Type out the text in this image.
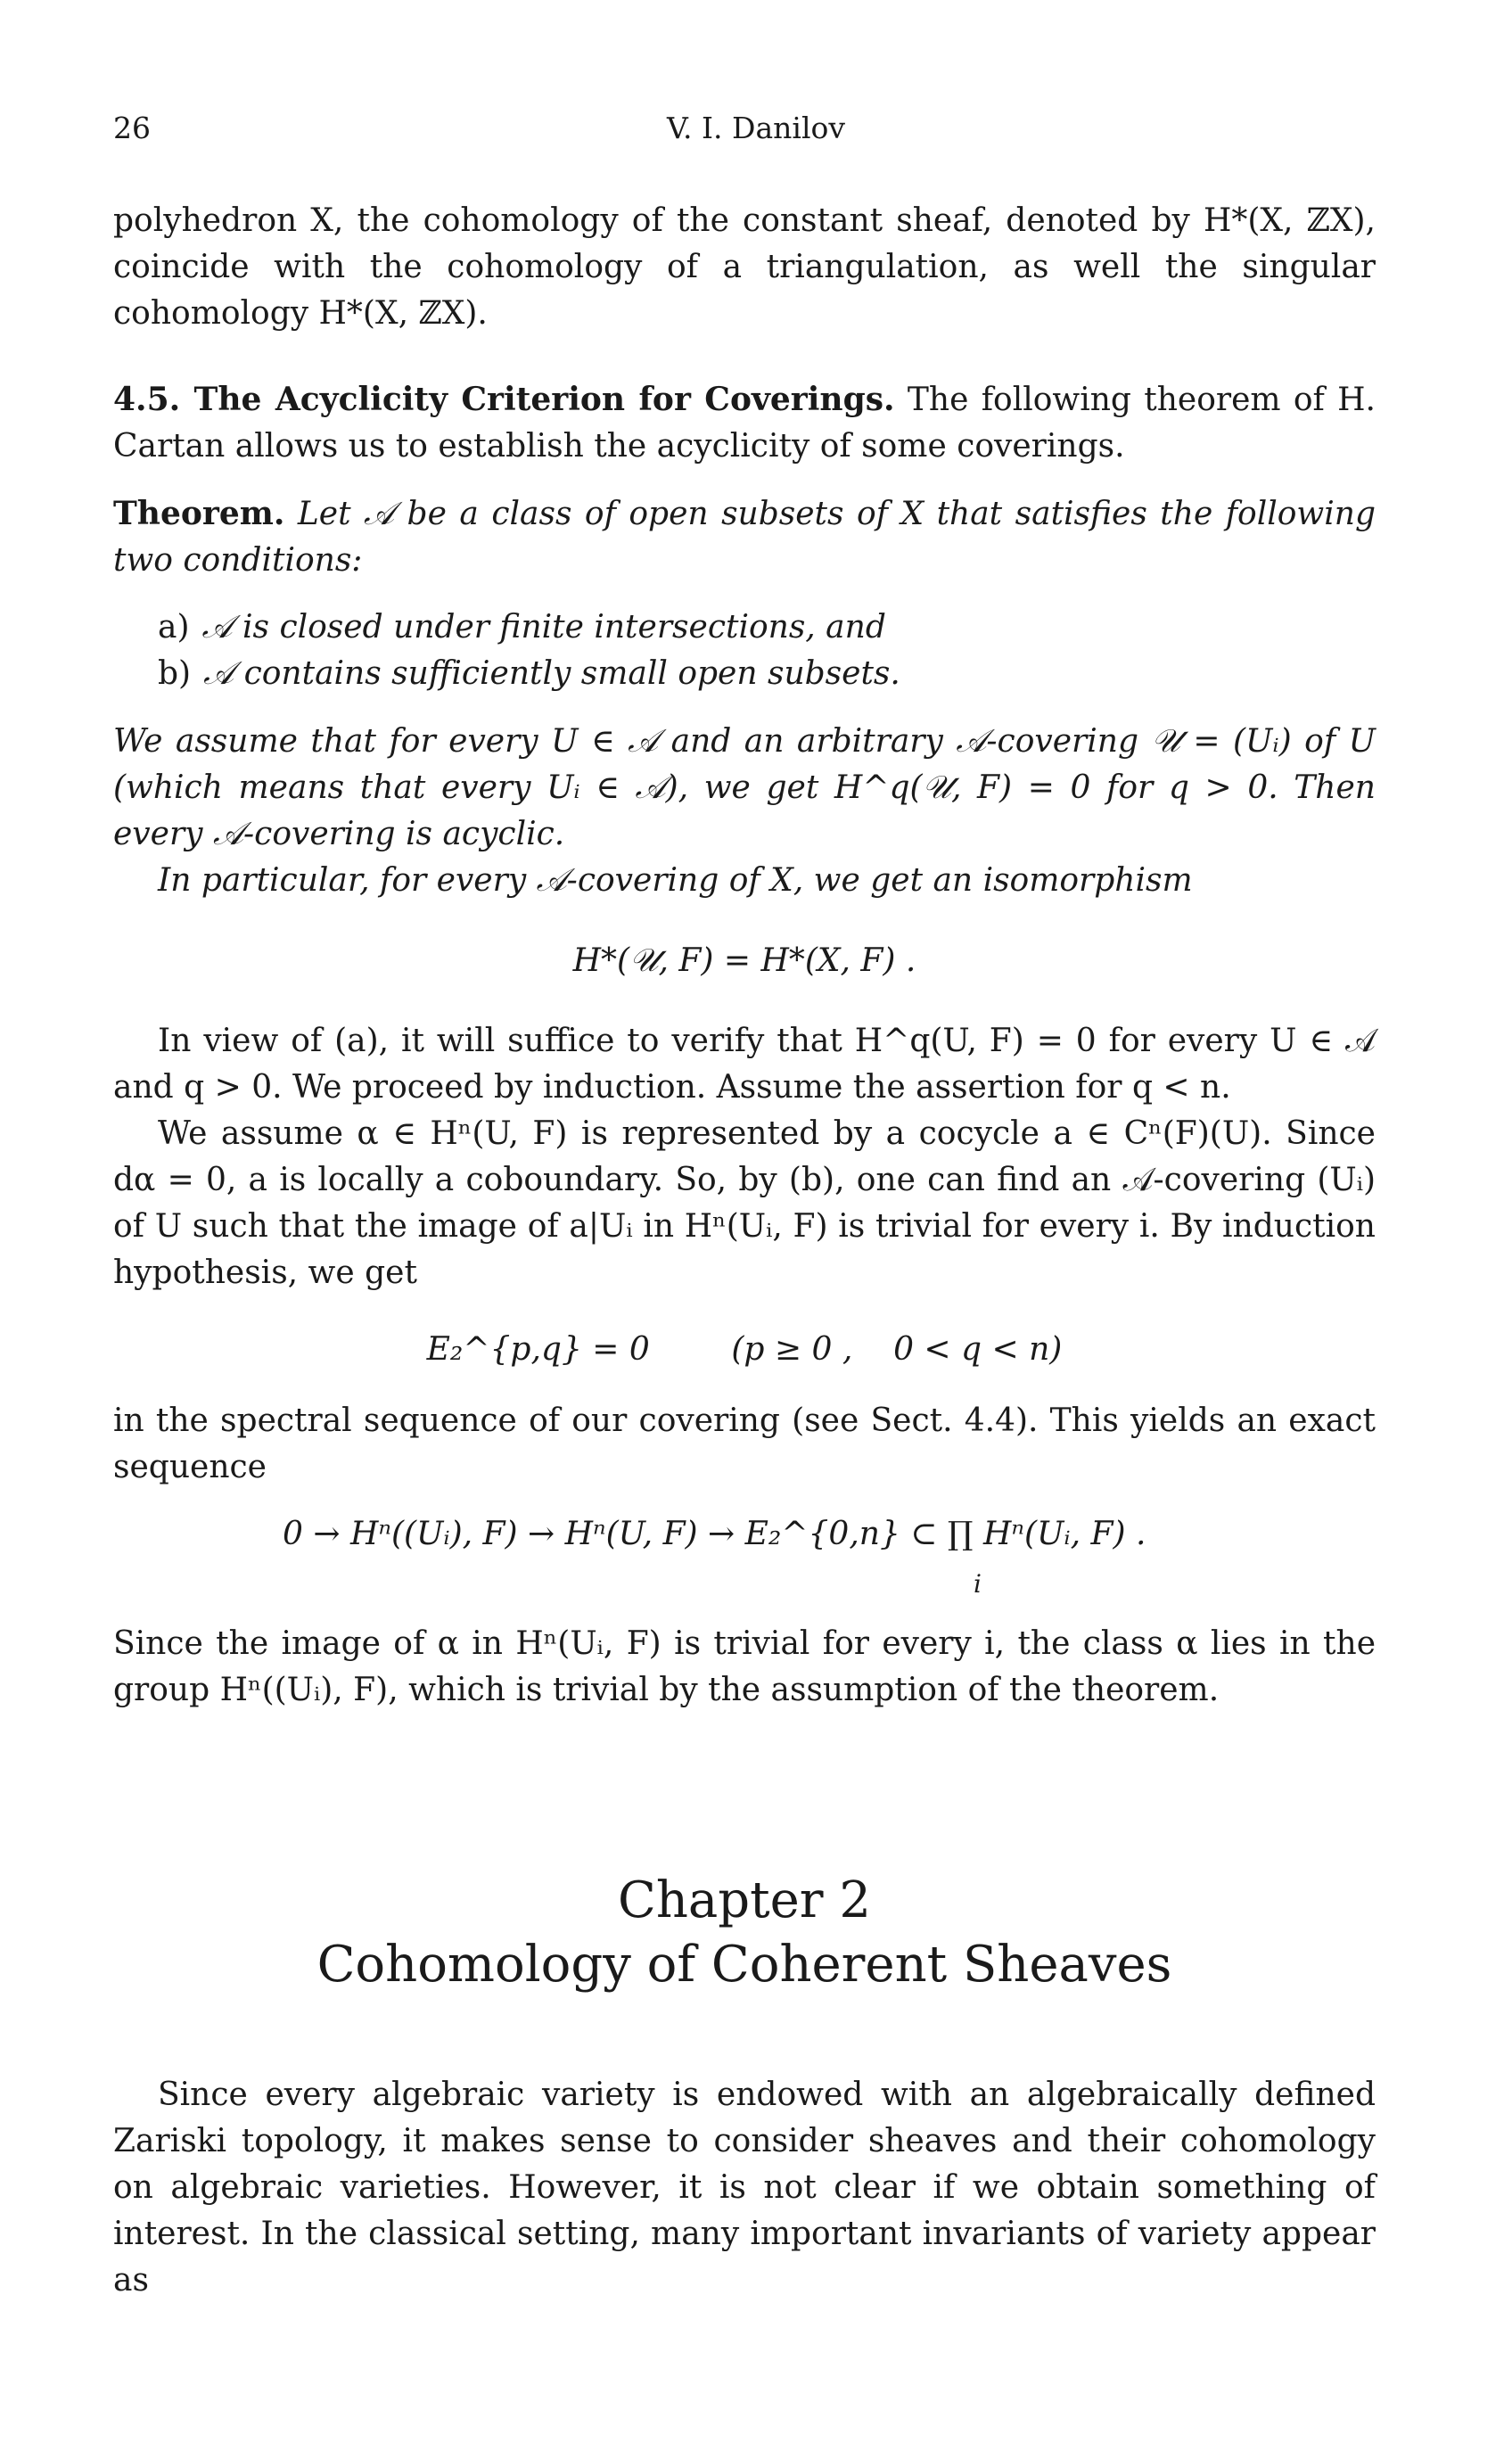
26	V. I. Danilov

polyhedron X, the cohomology of the constant sheaf, denoted by H*(X, ℤX), coincide with the cohomology of a triangulation, as well the singular cohomology H*(X, ℤX).

4.5. The Acyclicity Criterion for Coverings. The following theorem of H. Cartan allows us to establish the acyclicity of some coverings.

Theorem. Let 𝒜 be a class of open subsets of X that satisfies the following two conditions:

a) 𝒜 is closed under finite intersections, and

b) 𝒜 contains sufficiently small open subsets.

We assume that for every U ∈ 𝒜 and an arbitrary 𝒜-covering 𝒰 = (Uᵢ) of U (which means that every Uᵢ ∈ 𝒜), we get H^q(𝒰, F) = 0 for q > 0. Then every 𝒜-covering is acyclic.

In particular, for every 𝒜-covering of X, we get an isomorphism

H*(𝒰, F) = H*(X, F) .

In view of (a), it will suffice to verify that H^q(U, F) = 0 for every U ∈ 𝒜 and q > 0. We proceed by induction. Assume the assertion for q < n.

We assume α ∈ Hⁿ(U, F) is represented by a cocycle a ∈ Cⁿ(F)(U). Since dα = 0, a is locally a coboundary. So, by (b), one can find an 𝒜-covering (Uᵢ) of U such that the image of a|Uᵢ in Hⁿ(Uᵢ, F) is trivial for every i. By induction hypothesis, we get

E₂^{p,q} = 0        (p ≥ 0 ,    0 < q < n)

in the spectral sequence of our covering (see Sect. 4.4). This yields an exact sequence

0 → Hⁿ((Uᵢ), F) → Hⁿ(U, F) → E₂^{0,n} ⊂ ∏ Hⁿ(Uᵢ, F) .
i

Since the image of α in Hⁿ(Uᵢ, F) is trivial for every i, the class α lies in the group Hⁿ((Uᵢ), F), which is trivial by the assumption of the theorem.

Chapter 2
Cohomology of Coherent Sheaves

Since every algebraic variety is endowed with an algebraically defined Zariski topology, it makes sense to consider sheaves and their cohomology on algebraic varieties. However, it is not clear if we obtain something of interest. In the classical setting, many important invariants of variety appear as
